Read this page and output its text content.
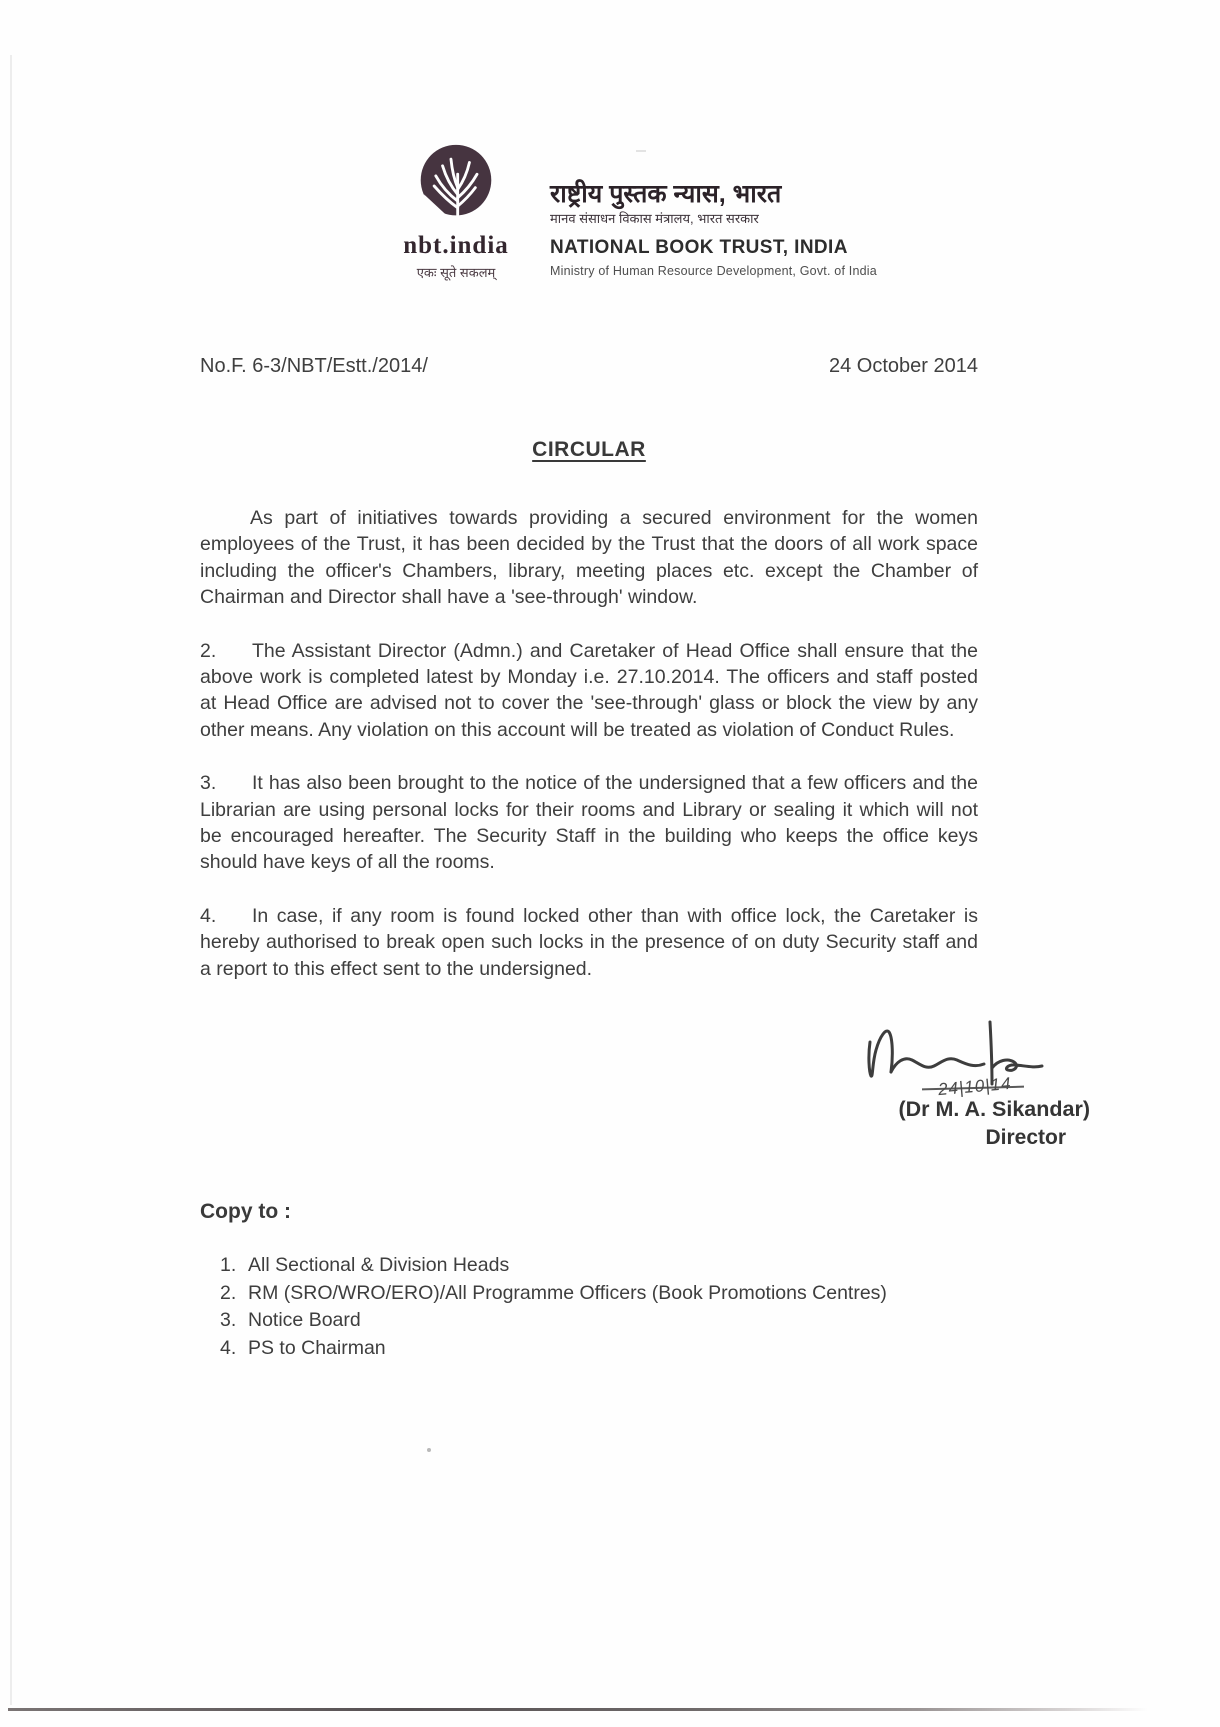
nbt.india
एकः सूते सकलम्
राष्ट्रीय पुस्तक न्यास, भारत
मानव संसाधन विकास मंत्रालय, भारत सरकार
NATIONAL BOOK TRUST, INDIA
Ministry of Human Resource Development, Govt. of India
No.F. 6-3/NBT/Estt./2014/	24 October 2014
CIRCULAR

As part of initiatives towards providing a secured environment for the women employees of the Trust, it has been decided by the Trust that the doors of all work space including the officer's Chambers, library, meeting places etc. except the Chamber of Chairman and Director shall have a 'see-through' window.

2. The Assistant Director (Admn.) and Caretaker of Head Office shall ensure that the above work is completed latest by Monday i.e. 27.10.2014. The officers and staff posted at Head Office are advised not to cover the 'see-through' glass or block the view by any other means. Any violation on this account will be treated as violation of Conduct Rules.

3. It has also been brought to the notice of the undersigned that a few officers and the Librarian are using personal locks for their rooms and Library or sealing it which will not be encouraged hereafter. The Security Staff in the building who keeps the office keys should have keys of all the rooms.

4. In case, if any room is found locked other than with office lock, the Caretaker is hereby authorised to break open such locks in the presence of on duty Security staff and a report to this effect sent to the undersigned.

24|10|14
(Dr M. A. Sikandar)
Director
Copy to :
1. All Sectional & Division Heads
2. RM (SRO/WRO/ERO)/All Programme Officers (Book Promotions Centres)
3. Notice Board
4. PS to Chairman
